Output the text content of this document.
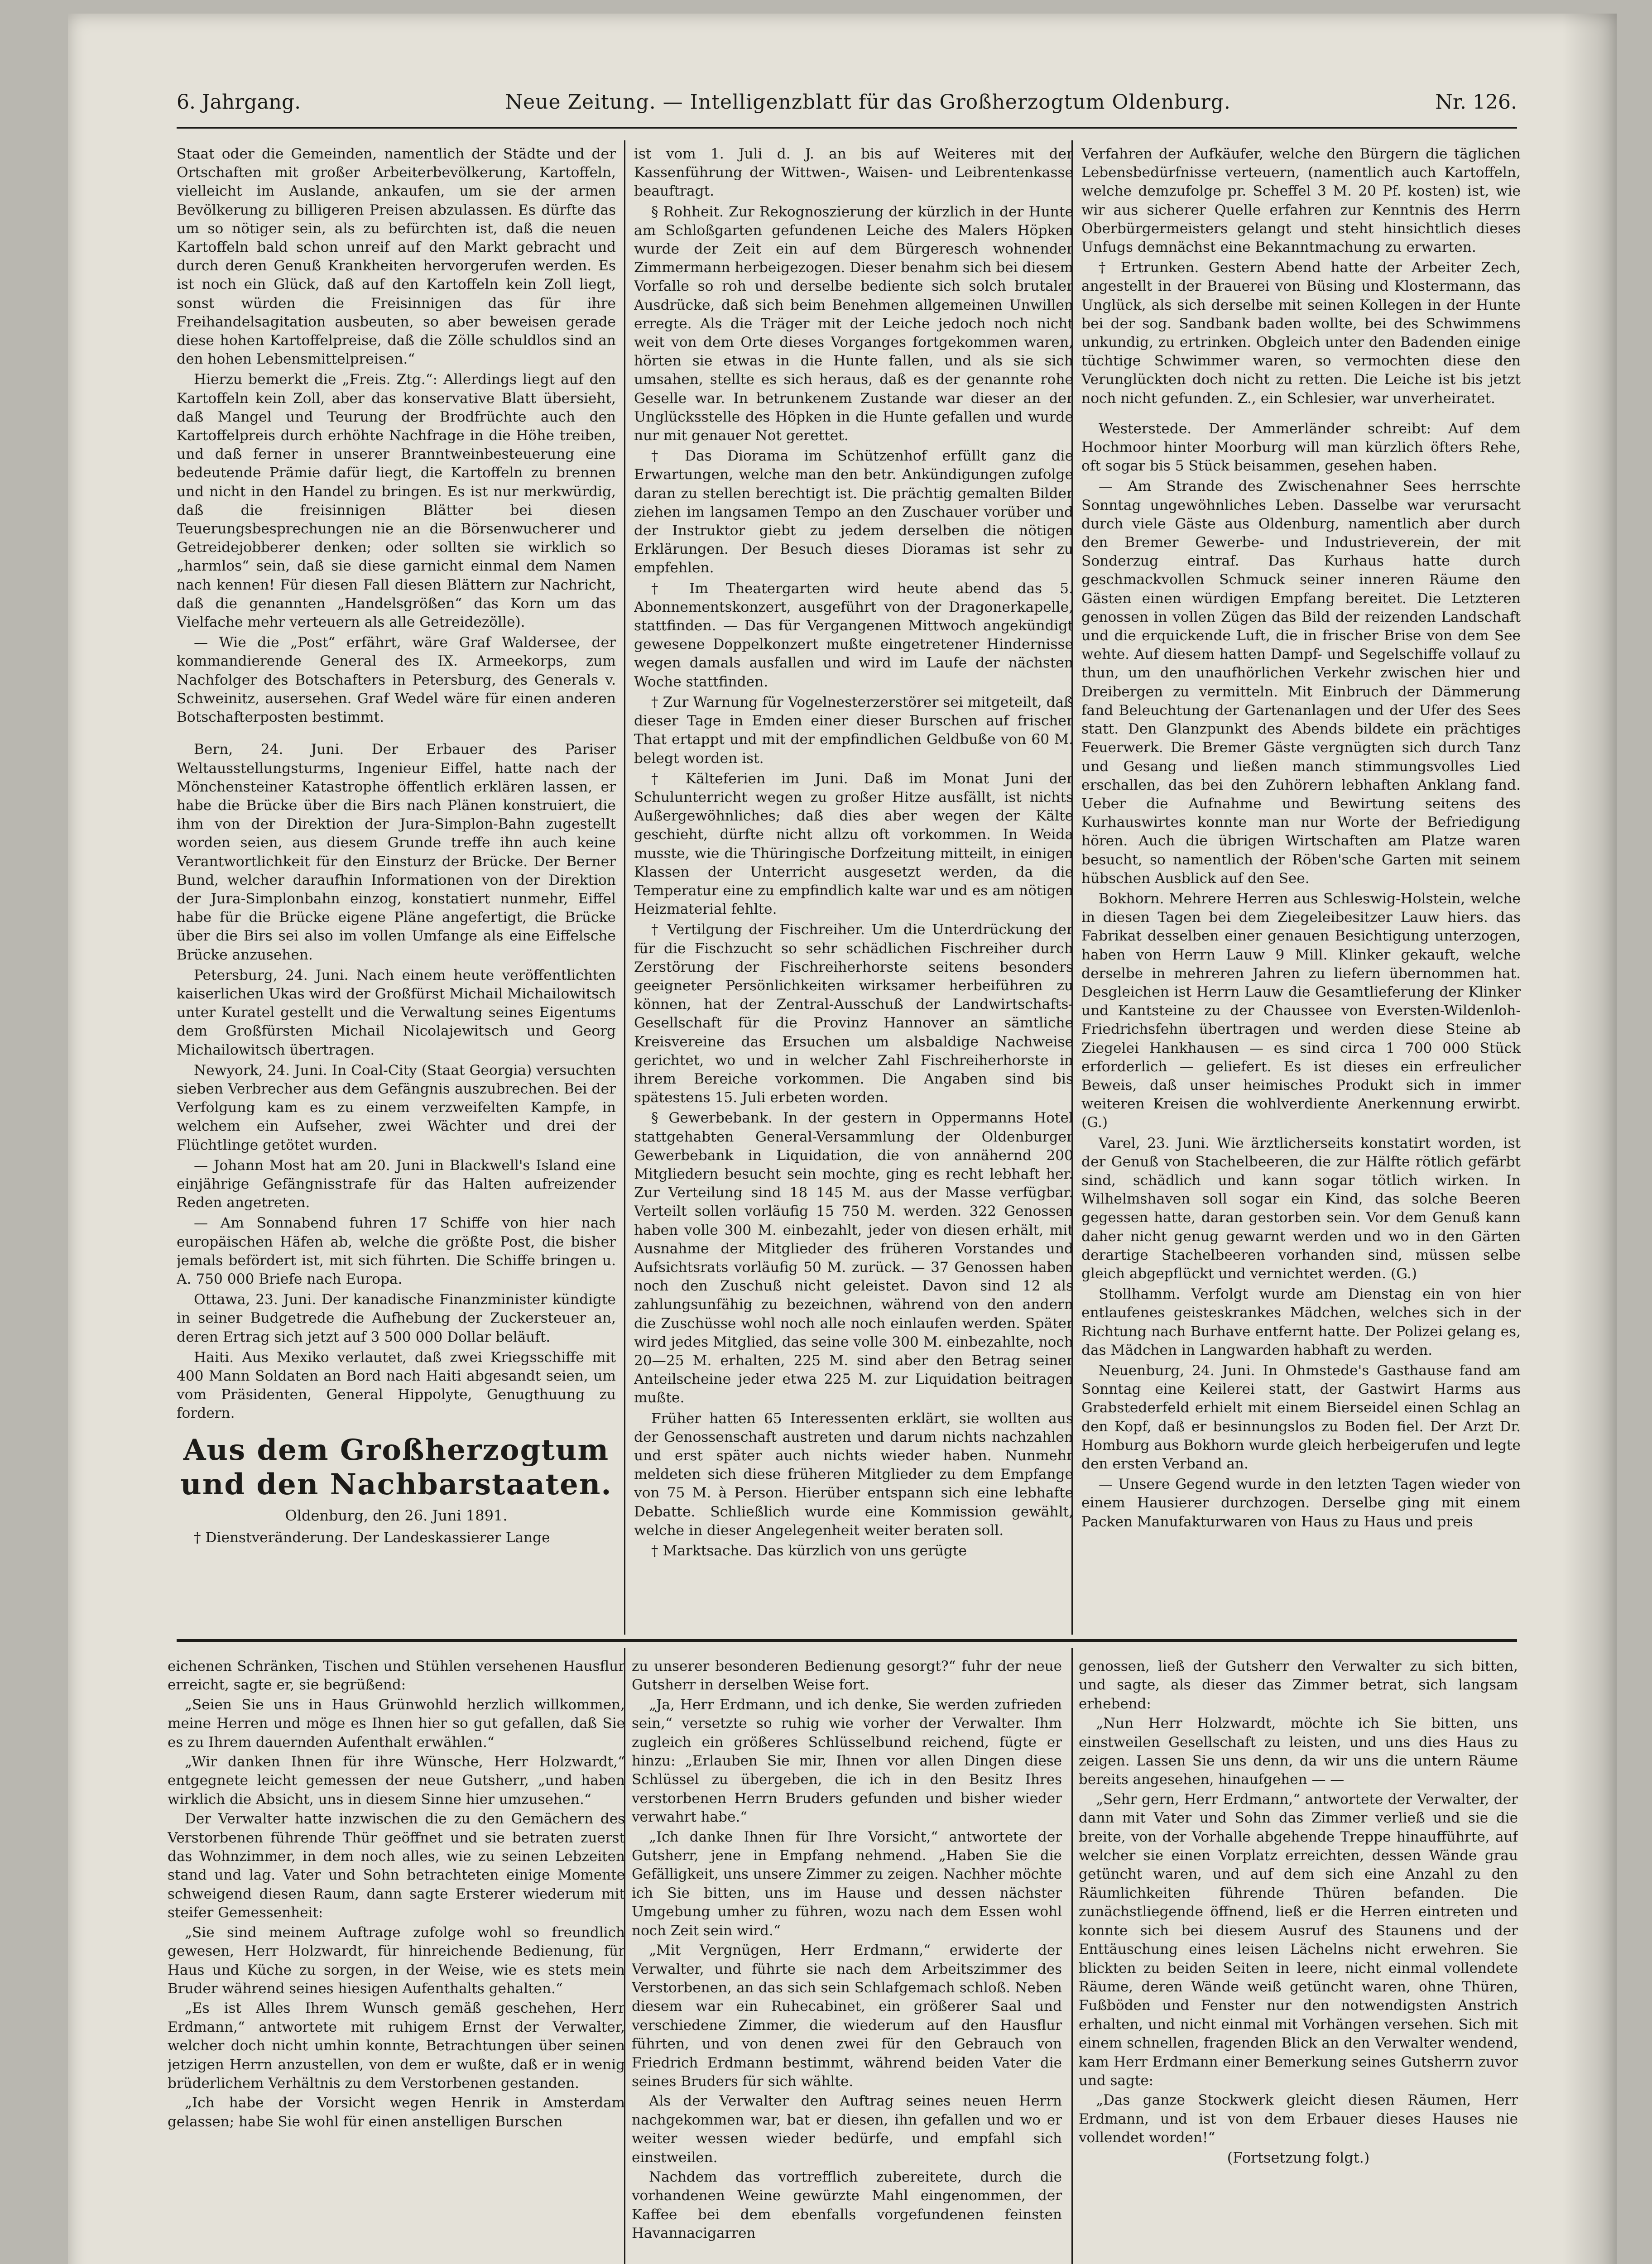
6. Jahrgang.	Neue Zeitung. — Intelligenzblatt für das Großherzogtum Oldenburg.	Nr. 126.

Staat oder die Gemeinden, namentlich der Städte und der Ortschaften mit großer Arbeiterbevölkerung, Kartoffeln, vielleicht im Auslande, ankaufen, um sie der armen Bevölkerung zu billigeren Preisen abzulassen. Es dürfte das um so nötiger sein, als zu befürchten ist, daß die neuen Kartoffeln bald schon unreif auf den Markt gebracht und durch deren Genuß Krankheiten hervorgerufen werden. Es ist noch ein Glück, daß auf den Kartoffeln kein Zoll liegt, sonst würden die Freisinnigen das für ihre Freihandelsagitation ausbeuten, so aber beweisen gerade diese hohen Kartoffelpreise, daß die Zölle schuldlos sind an den hohen Lebensmittelpreisen.“

Hierzu bemerkt die „Freis. Ztg.“: Allerdings liegt auf den Kartoffeln kein Zoll, aber das konservative Blatt übersieht, daß Mangel und Teurung der Brodfrüchte auch den Kartoffelpreis durch erhöhte Nachfrage in die Höhe treiben, und daß ferner in unserer Branntweinbesteuerung eine bedeutende Prämie dafür liegt, die Kartoffeln zu brennen und nicht in den Handel zu bringen. Es ist nur merkwürdig, daß die freisinnigen Blätter bei diesen Teuerungsbesprechungen nie an die Börsenwucherer und Getreidejobberer denken; oder sollten sie wirklich so „harmlos“ sein, daß sie diese garnicht einmal dem Namen nach kennen! Für diesen Fall diesen Blättern zur Nachricht, daß die genannten „Handelsgrößen“ das Korn um das Vielfache mehr verteuern als alle Getreidezölle).

— Wie die „Post“ erfährt, wäre Graf Waldersee, der kommandierende General des IX. Armeekorps, zum Nachfolger des Botschafters in Petersburg, des Generals v. Schweinitz, ausersehen. Graf Wedel wäre für einen anderen Botschafterposten bestimmt.

Bern, 24. Juni. Der Erbauer des Pariser Weltausstellungsturms, Ingenieur Eiffel, hatte nach der Mönchensteiner Katastrophe öffentlich erklären lassen, er habe die Brücke über die Birs nach Plänen konstruiert, die ihm von der Direktion der Jura-Simplon-Bahn zugestellt worden seien, aus diesem Grunde treffe ihn auch keine Verantwortlichkeit für den Einsturz der Brücke. Der Berner Bund, welcher daraufhin Informationen von der Direktion der Jura-Simplonbahn einzog, konstatiert nunmehr, Eiffel habe für die Brücke eigene Pläne angefertigt, die Brücke über die Birs sei also im vollen Umfange als eine Eiffelsche Brücke anzusehen.

Petersburg, 24. Juni. Nach einem heute veröffentlichten kaiserlichen Ukas wird der Großfürst Michail Michailowitsch unter Kuratel gestellt und die Verwaltung seines Eigentums dem Großfürsten Michail Nicolajewitsch und Georg Michailowitsch übertragen.

Newyork, 24. Juni. In Coal-City (Staat Georgia) versuchten sieben Verbrecher aus dem Gefängnis auszubrechen. Bei der Verfolgung kam es zu einem verzweifelten Kampfe, in welchem ein Aufseher, zwei Wächter und drei der Flüchtlinge getötet wurden.

— Johann Most hat am 20. Juni in Blackwell's Island eine einjährige Gefängnisstrafe für das Halten aufreizender Reden angetreten.

— Am Sonnabend fuhren 17 Schiffe von hier nach europäischen Häfen ab, welche die größte Post, die bisher jemals befördert ist, mit sich führten. Die Schiffe bringen u. A. 750 000 Briefe nach Europa.

Ottawa, 23. Juni. Der kanadische Finanzminister kündigte in seiner Budgetrede die Aufhebung der Zuckersteuer an, deren Ertrag sich jetzt auf 3 500 000 Dollar beläuft.

Haiti. Aus Mexiko verlautet, daß zwei Kriegsschiffe mit 400 Mann Soldaten an Bord nach Haiti abgesandt seien, um vom Präsidenten, General Hippolyte, Genugthuung zu fordern.

Aus dem Großherzogtum und den Nachbarstaaten.
Oldenburg, den 26. Juni 1891.

† Dienstveränderung. Der Landeskassierer Lange

ist vom 1. Juli d. J. an bis auf Weiteres mit der Kassenführung der Wittwen-, Waisen- und Leibrentenkasse beauftragt.

§ Rohheit. Zur Rekognoszierung der kürzlich in der Hunte am Schloßgarten gefundenen Leiche des Malers Höpken wurde der Zeit ein auf dem Bürgeresch wohnender Zimmermann herbeigezogen. Dieser benahm sich bei diesem Vorfalle so roh und derselbe bediente sich solch brutaler Ausdrücke, daß sich beim Benehmen allgemeinen Unwillen erregte. Als die Träger mit der Leiche jedoch noch nicht weit von dem Orte dieses Vorganges fortgekommen waren, hörten sie etwas in die Hunte fallen, und als sie sich umsahen, stellte es sich heraus, daß es der genannte rohe Geselle war. In betrunkenem Zustande war dieser an der Unglücksstelle des Höpken in die Hunte gefallen und wurde nur mit genauer Not gerettet.

† Das Diorama im Schützenhof erfüllt ganz die Erwartungen, welche man den betr. Ankündigungen zufolge daran zu stellen berechtigt ist. Die prächtig gemalten Bilder ziehen im langsamen Tempo an den Zuschauer vorüber und der Instruktor giebt zu jedem derselben die nötigen Erklärungen. Der Besuch dieses Dioramas ist sehr zu empfehlen.

† Im Theatergarten wird heute abend das 5. Abonnementskonzert, ausgeführt von der Dragonerkapelle, stattfinden. — Das für Vergangenen Mittwoch angekündigt gewesene Doppelkonzert mußte eingetretener Hindernisse wegen damals ausfallen und wird im Laufe der nächsten Woche stattfinden.

† Zur Warnung für Vogelnesterzerstörer sei mitgeteilt, daß dieser Tage in Emden einer dieser Burschen auf frischer That ertappt und mit der empfindlichen Geldbuße von 60 M. belegt worden ist.

† Kälteferien im Juni. Daß im Monat Juni der Schulunterricht wegen zu großer Hitze ausfällt, ist nichts Außergewöhnliches; daß dies aber wegen der Kälte geschieht, dürfte nicht allzu oft vorkommen. In Weida musste, wie die Thüringische Dorfzeitung mitteilt, in einigen Klassen der Unterricht ausgesetzt werden, da die Temperatur eine zu empfindlich kalte war und es am nötigen Heizmaterial fehlte.

† Vertilgung der Fischreiher. Um die Unterdrückung der für die Fischzucht so sehr schädlichen Fischreiher durch Zerstörung der Fischreiherhorste seitens besonders geeigneter Persönlichkeiten wirksamer herbeiführen zu können, hat der Zentral-Ausschuß der Landwirtschafts-Gesellschaft für die Provinz Hannover an sämtliche Kreisvereine das Ersuchen um alsbaldige Nachweise gerichtet, wo und in welcher Zahl Fischreiherhorste in ihrem Bereiche vorkommen. Die Angaben sind bis spätestens 15. Juli erbeten worden.

§ Gewerbebank. In der gestern in Oppermanns Hotel stattgehabten General-Versammlung der Oldenburger Gewerbebank in Liquidation, die von annähernd 200 Mitgliedern besucht sein mochte, ging es recht lebhaft her. Zur Verteilung sind 18 145 M. aus der Masse verfügbar. Verteilt sollen vorläufig 15 750 M. werden. 322 Genossen haben volle 300 M. einbezahlt, jeder von diesen erhält, mit Ausnahme der Mitglieder des früheren Vorstandes und Aufsichtsrats vorläufig 50 M. zurück. — 37 Genossen haben noch den Zuschuß nicht geleistet. Davon sind 12 als zahlungsunfähig zu bezeichnen, während von den andern die Zuschüsse wohl noch alle noch einlaufen werden. Später wird jedes Mitglied, das seine volle 300 M. einbezahlte, noch 20—25 M. erhalten, 225 M. sind aber den Betrag seiner Anteilscheine jeder etwa 225 M. zur Liquidation beitragen mußte.

Früher hatten 65 Interessenten erklärt, sie wollten aus der Genossenschaft austreten und darum nichts nachzahlen und erst später auch nichts wieder haben. Nunmehr meldeten sich diese früheren Mitglieder zu dem Empfange von 75 M. à Person. Hierüber entspann sich eine lebhafte Debatte. Schließlich wurde eine Kommission gewählt, welche in dieser Angelegenheit weiter beraten soll.

† Marktsache. Das kürzlich von uns gerügte

Verfahren der Aufkäufer, welche den Bürgern die täglichen Lebensbedürfnisse verteuern, (namentlich auch Kartoffeln, welche demzufolge pr. Scheffel 3 M. 20 Pf. kosten) ist, wie wir aus sicherer Quelle erfahren zur Kenntnis des Herrn Oberbürgermeisters gelangt und steht hinsichtlich dieses Unfugs demnächst eine Bekanntmachung zu erwarten.

† Ertrunken. Gestern Abend hatte der Arbeiter Zech, angestellt in der Brauerei von Büsing und Klostermann, das Unglück, als sich derselbe mit seinen Kollegen in der Hunte bei der sog. Sandbank baden wollte, bei des Schwimmens unkundig, zu ertrinken. Obgleich unter den Badenden einige tüchtige Schwimmer waren, so vermochten diese den Verunglückten doch nicht zu retten. Die Leiche ist bis jetzt noch nicht gefunden. Z., ein Schlesier, war unverheiratet.

Westerstede. Der Ammerländer schreibt: Auf dem Hochmoor hinter Moorburg will man kürzlich öfters Rehe, oft sogar bis 5 Stück beisammen, gesehen haben.

— Am Strande des Zwischenahner Sees herrschte Sonntag ungewöhnliches Leben. Dasselbe war verursacht durch viele Gäste aus Oldenburg, namentlich aber durch den Bremer Gewerbe- und Industrieverein, der mit Sonderzug eintraf. Das Kurhaus hatte durch geschmackvollen Schmuck seiner inneren Räume den Gästen einen würdigen Empfang bereitet. Die Letzteren genossen in vollen Zügen das Bild der reizenden Landschaft und die erquickende Luft, die in frischer Brise von dem See wehte. Auf diesem hatten Dampf- und Segelschiffe vollauf zu thun, um den unaufhörlichen Verkehr zwischen hier und Dreibergen zu vermitteln. Mit Einbruch der Dämmerung fand Beleuchtung der Gartenanlagen und der Ufer des Sees statt. Den Glanzpunkt des Abends bildete ein prächtiges Feuerwerk. Die Bremer Gäste vergnügten sich durch Tanz und Gesang und ließen manch stimmungsvolles Lied erschallen, das bei den Zuhörern lebhaften Anklang fand. Ueber die Aufnahme und Bewirtung seitens des Kurhauswirtes konnte man nur Worte der Befriedigung hören. Auch die übrigen Wirtschaften am Platze waren besucht, so namentlich der Röben'sche Garten mit seinem hübschen Ausblick auf den See.

Bokhorn. Mehrere Herren aus Schleswig-Holstein, welche in diesen Tagen bei dem Ziegeleibesitzer Lauw hiers. das Fabrikat desselben einer genauen Besichtigung unterzogen, haben von Herrn Lauw 9 Mill. Klinker gekauft, welche derselbe in mehreren Jahren zu liefern übernommen hat. Desgleichen ist Herrn Lauw die Gesamtlieferung der Klinker und Kantsteine zu der Chaussee von Eversten-Wildenloh-Friedrichsfehn übertragen und werden diese Steine ab Ziegelei Hankhausen — es sind circa 1 700 000 Stück erforderlich — geliefert. Es ist dieses ein erfreulicher Beweis, daß unser heimisches Produkt sich in immer weiteren Kreisen die wohlverdiente Anerkennung erwirbt. (G.)

Varel, 23. Juni. Wie ärztlicherseits konstatirt worden, ist der Genuß von Stachelbeeren, die zur Hälfte rötlich gefärbt sind, schädlich und kann sogar tötlich wirken. In Wilhelmshaven soll sogar ein Kind, das solche Beeren gegessen hatte, daran gestorben sein. Vor dem Genuß kann daher nicht genug gewarnt werden und wo in den Gärten derartige Stachelbeeren vorhanden sind, müssen selbe gleich abgepflückt und vernichtet werden. (G.)

Stollhamm. Verfolgt wurde am Dienstag ein von hier entlaufenes geisteskrankes Mädchen, welches sich in der Richtung nach Burhave entfernt hatte. Der Polizei gelang es, das Mädchen in Langwarden habhaft zu werden.

Neuenburg, 24. Juni. In Ohmstede's Gasthause fand am Sonntag eine Keilerei statt, der Gastwirt Harms aus Grabstederfeld erhielt mit einem Bierseidel einen Schlag an den Kopf, daß er besinnungslos zu Boden fiel. Der Arzt Dr. Homburg aus Bokhorn wurde gleich herbeigerufen und legte den ersten Verband an.

— Unsere Gegend wurde in den letzten Tagen wieder von einem Hausierer durchzogen. Derselbe ging mit einem Packen Manufakturwaren von Haus zu Haus und preis

eichenen Schränken, Tischen und Stühlen versehenen Hausflur erreicht, sagte er, sie begrüßend:

„Seien Sie uns in Haus Grünwohld herzlich willkommen, meine Herren und möge es Ihnen hier so gut gefallen, daß Sie es zu Ihrem dauernden Aufenthalt erwählen.“

„Wir danken Ihnen für ihre Wünsche, Herr Holzwardt,“ entgegnete leicht gemessen der neue Gutsherr, „und haben wirklich die Absicht, uns in diesem Sinne hier umzusehen.“

Der Verwalter hatte inzwischen die zu den Gemächern des Verstorbenen führende Thür geöffnet und sie betraten zuerst das Wohnzimmer, in dem noch alles, wie zu seinen Lebzeiten stand und lag. Vater und Sohn betrachteten einige Momente schweigend diesen Raum, dann sagte Ersterer wiederum mit steifer Gemessenheit:

„Sie sind meinem Auftrage zufolge wohl so freundlich gewesen, Herr Holzwardt, für hinreichende Bedienung, für Haus und Küche zu sorgen, in der Weise, wie es stets mein Bruder während seines hiesigen Aufenthalts gehalten.“

„Es ist Alles Ihrem Wunsch gemäß geschehen, Herr Erdmann,“ antwortete mit ruhigem Ernst der Verwalter, welcher doch nicht umhin konnte, Betrachtungen über seinen jetzigen Herrn anzustellen, von dem er wußte, daß er in wenig brüderlichem Verhältnis zu dem Verstorbenen gestanden.

„Ich habe der Vorsicht wegen Henrik in Amsterdam gelassen; habe Sie wohl für einen anstelligen Burschen

zu unserer besonderen Bedienung gesorgt?“ fuhr der neue Gutsherr in derselben Weise fort.

„Ja, Herr Erdmann, und ich denke, Sie werden zufrieden sein,“ versetzte so ruhig wie vorher der Verwalter. Ihm zugleich ein größeres Schlüsselbund reichend, fügte er hinzu: „Erlauben Sie mir, Ihnen vor allen Dingen diese Schlüssel zu übergeben, die ich in den Besitz Ihres verstorbenen Herrn Bruders gefunden und bisher wieder verwahrt habe.“

„Ich danke Ihnen für Ihre Vorsicht,“ antwortete der Gutsherr, jene in Empfang nehmend. „Haben Sie die Gefälligkeit, uns unsere Zimmer zu zeigen. Nachher möchte ich Sie bitten, uns im Hause und dessen nächster Umgebung umher zu führen, wozu nach dem Essen wohl noch Zeit sein wird.“

„Mit Vergnügen, Herr Erdmann,“ erwiderte der Verwalter, und führte sie nach dem Arbeitszimmer des Verstorbenen, an das sich sein Schlafgemach schloß. Neben diesem war ein Ruhecabinet, ein größerer Saal und verschiedene Zimmer, die wiederum auf den Hausflur führten, und von denen zwei für den Gebrauch von Friedrich Erdmann bestimmt, während beiden Vater die seines Bruders für sich wählte.

Als der Verwalter den Auftrag seines neuen Herrn nachgekommen war, bat er diesen, ihn gefallen und wo er weiter wessen wieder bedürfe, und empfahl sich einstweilen.

Nachdem das vortrefflich zubereitete, durch die vorhandenen Weine gewürzte Mahl eingenommen, der Kaffee bei dem ebenfalls vorgefundenen feinsten Havannacigarren

genossen, ließ der Gutsherr den Verwalter zu sich bitten, und sagte, als dieser das Zimmer betrat, sich langsam erhebend:

„Nun Herr Holzwardt, möchte ich Sie bitten, uns einstweilen Gesellschaft zu leisten, und uns dies Haus zu zeigen. Lassen Sie uns denn, da wir uns die untern Räume bereits angesehen, hinaufgehen — —

„Sehr gern, Herr Erdmann,“ antwortete der Verwalter, der dann mit Vater und Sohn das Zimmer verließ und sie die breite, von der Vorhalle abgehende Treppe hinaufführte, auf welcher sie einen Vorplatz erreichten, dessen Wände grau getüncht waren, und auf dem sich eine Anzahl zu den Räumlichkeiten führende Thüren befanden. Die zunächstliegende öffnend, ließ er die Herren eintreten und konnte sich bei diesem Ausruf des Staunens und der Enttäuschung eines leisen Lächelns nicht erwehren. Sie blickten zu beiden Seiten in leere, nicht einmal vollendete Räume, deren Wände weiß getüncht waren, ohne Thüren, Fußböden und Fenster nur den notwendigsten Anstrich erhalten, und nicht einmal mit Vorhängen versehen. Sich mit einem schnellen, fragenden Blick an den Verwalter wendend, kam Herr Erdmann einer Bemerkung seines Gutsherrn zuvor und sagte:

„Das ganze Stockwerk gleicht diesen Räumen, Herr Erdmann, und ist von dem Erbauer dieses Hauses nie vollendet worden!“

(Fortsetzung folgt.)
